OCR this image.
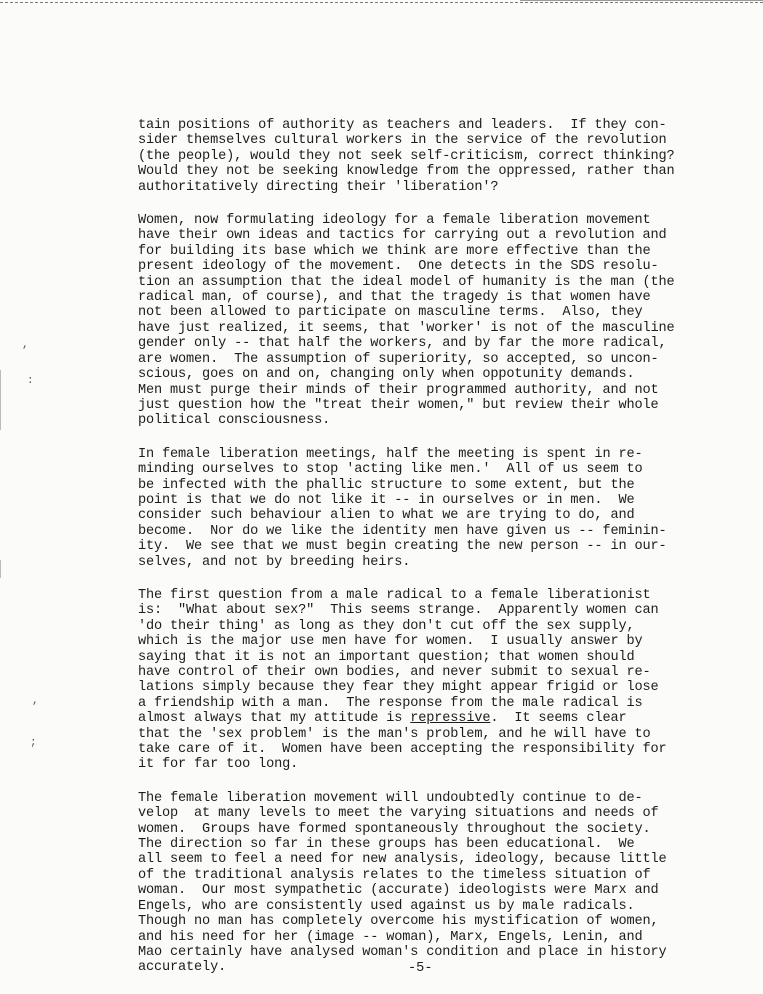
,
:
,
;
tain positions of authority as teachers and leaders.  If they con-
sider themselves cultural workers in the service of the revolution
(the people), would they not seek self-criticism, correct thinking?
Would they not be seeking knowledge from the oppressed, rather than
authoritatively directing their 'liberation'?
Women, now formulating ideology for a female liberation movement
have their own ideas and tactics for carrying out a revolution and
for building its base which we think are more effective than the
present ideology of the movement.  One detects in the SDS resolu-
tion an assumption that the ideal model of humanity is the man (the
radical man, of course), and that the tragedy is that women have
not been allowed to participate on masculine terms.  Also, they
have just realized, it seems, that 'worker' is not of the masculine
gender only -- that half the workers, and by far the more radical,
are women.  The assumption of superiority, so accepted, so uncon-
scious, goes on and on, changing only when oppotunity demands.
Men must purge their minds of their programmed authority, and not
just question how the "treat their women," but review their whole
political consciousness.
In female liberation meetings, half the meeting is spent in re-
minding ourselves to stop 'acting like men.'  All of us seem to
be infected with the phallic structure to some extent, but the
point is that we do not like it -- in ourselves or in men.  We
consider such behaviour alien to what we are trying to do, and
become.  Nor do we like the identity men have given us -- feminin-
ity.  We see that we must begin creating the new person -- in our-
selves, and not by breeding heirs.
The first question from a male radical to a female liberationist
is:  "What about sex?"  This seems strange.  Apparently women can
'do their thing' as long as they don't cut off the sex supply,
which is the major use men have for women.  I usually answer by
saying that it is not an important question; that women should
have control of their own bodies, and never submit to sexual re-
lations simply because they fear they might appear frigid or lose
a friendship with a man.  The response from the male radical is
almost always that my attitude is repressive.  It seems clear
that the 'sex problem' is the man's problem, and he will have to
take care of it.  Women have been accepting the responsibility for
it for far too long.
The female liberation movement will undoubtedly continue to de-
velop  at many levels to meet the varying situations and needs of
women.  Groups have formed spontaneously throughout the society.
The direction so far in these groups has been educational.  We
all seem to feel a need for new analysis, ideology, because little
of the traditional analysis relates to the timeless situation of
woman.  Our most sympathetic (accurate) ideologists were Marx and
Engels, who are consistently used against us by male radicals.
Though no man has completely overcome his mystification of women,
and his need for her (image -- woman), Marx, Engels, Lenin, and
Mao certainly have analysed woman's condition and place in history
accurately.	-5-
